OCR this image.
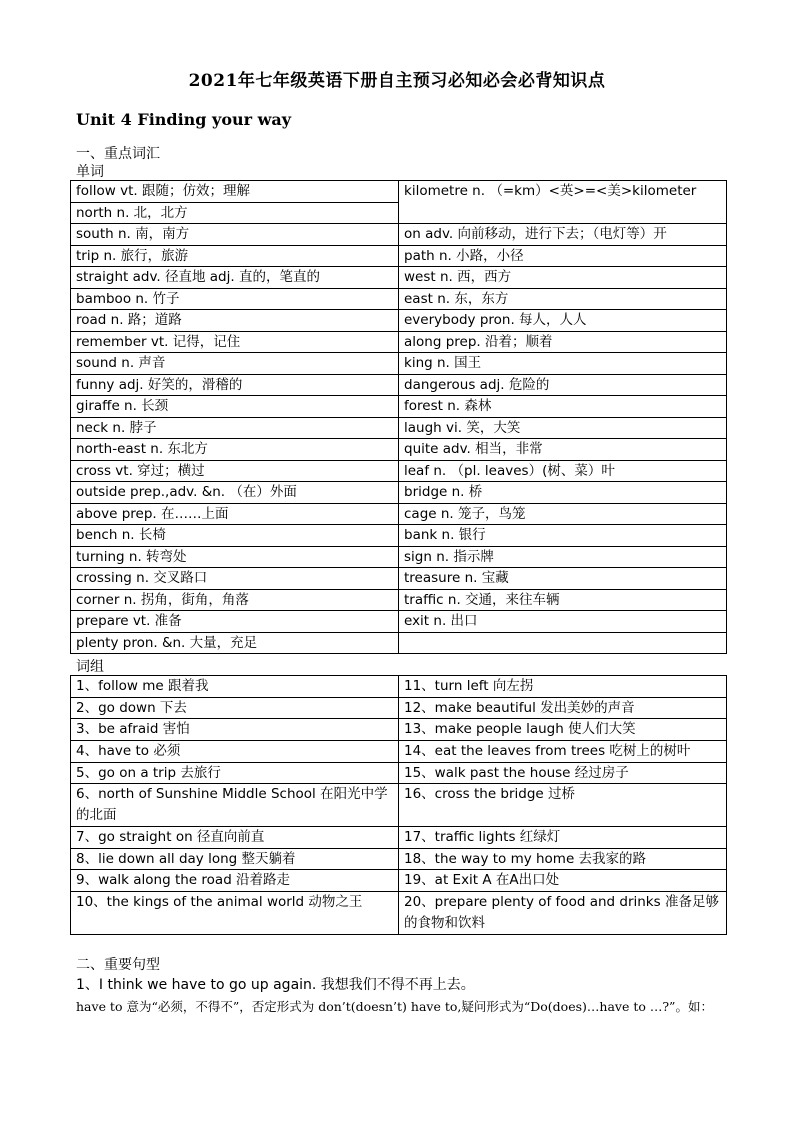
2021年七年级英语下册自主预习必知必会必背知识点
Unit 4 Finding your way
一、重点词汇
单词
follow vt. 跟随；仿效；理解	kilometre n. （=km）<英>=<美>kilometer
north n. 北，北方	
south n. 南，南方	on adv. 向前移动，进行下去；（电灯等）开
trip n. 旅行，旅游	path n. 小路，小径
straight adv. 径直地 adj. 直的，笔直的	west n. 西，西方
bamboo n. 竹子	east n. 东，东方
road n. 路；道路	everybody pron. 每人，人人
remember vt. 记得，记住	along prep. 沿着；顺着
sound n. 声音	king n. 国王
funny adj. 好笑的，滑稽的	dangerous adj. 危险的
giraffe n. 长颈	forest n. 森林
neck n. 脖子	laugh vi. 笑，大笑
north-east n. 东北方	quite adv. 相当，非常
cross vt. 穿过；横过	leaf n. （pl. leaves）(树、菜）叶
outside prep.,adv. &n. （在）外面	bridge n. 桥
above prep. 在……上面	cage n. 笼子，鸟笼
bench n. 长椅	bank n. 银行
turning n. 转弯处	sign n. 指示牌
crossing n. 交叉路口	treasure n. 宝藏
corner n. 拐角，街角，角落	traffic n. 交通，来往车辆
prepare vt. 准备	exit n. 出口
plenty pron. &n. 大量，充足	
词组
1、follow me 跟着我	11、turn left 向左拐
2、go down 下去	12、make beautiful 发出美妙的声音
3、be afraid 害怕	13、make people laugh 使人们大笑
4、have to 必须	14、eat the leaves from trees 吃树上的树叶
5、go on a trip 去旅行	15、walk past the house 经过房子
6、north of Sunshine Middle School 在阳光中学的北面	16、cross the bridge 过桥
7、go straight on 径直向前直	17、traffic lights 红绿灯
8、lie down all day long 整天躺着	18、the way to my home 去我家的路
9、walk along the road 沿着路走	19、at Exit A 在A出口处
10、the kings of the animal world 动物之王	20、prepare plenty of food and drinks 准备足够的食物和饮料
二、重要句型
1、I think we have to go up again. 我想我们不得不再上去。
have to 意为“必须，不得不”，否定形式为 don’t(doesn’t) have to,疑问形式为“Do(does)…have to …?”。如：
